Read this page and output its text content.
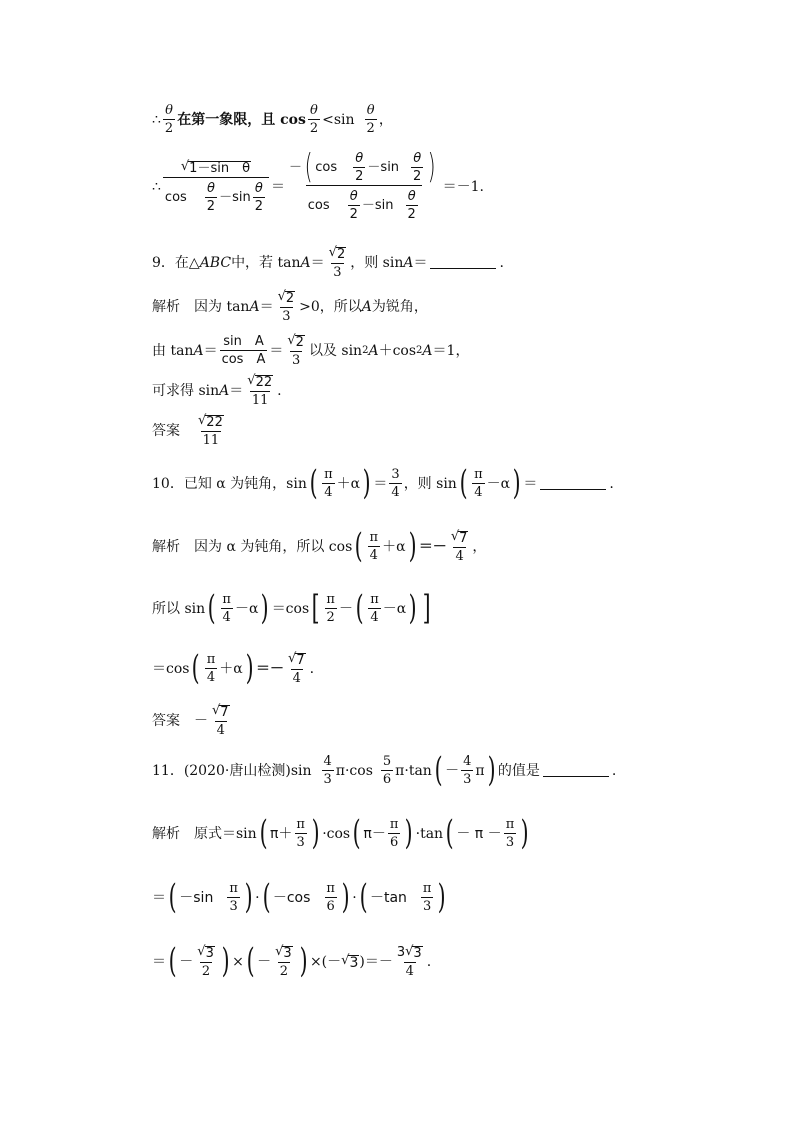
∴ $\frac{\theta}{2}$ 在第一象限，且 $\cos \frac{\theta}{2} <\sin \frac{\theta}{2}$ ，
∴ $\frac{\text{√ 1－sin　θ}}{\cos \frac{\theta}{2} -\sin \frac{\theta}{2}} = \frac{- ( \cos \frac{\theta}{2} -\sin \frac{\theta}{2} )}{\cos \frac{\theta}{2} -\sin \frac{\theta}{2}} =-1$.
9．在△ ABC 中，若 $\tan A = \frac{√ 2}{3}$ ，则 sin A ＝	.
解析　因为 $\tan A = \frac{√ 2}{3} >0$，所以 A 为锐角，
由 $\tan A = \frac{\text{sin　A}}{\text{cos　A}} = \frac{√ 2}{3}$ 以及 sin 2 A ＋cos 2 A ＝1，
可求得 $\sin A = \frac{√ 22}{11}$ .
答案 $\frac{√ 22}{11}$
10．已知 α 为钝角，sin ( $\frac{\pi}{4} +\alpha$ ) ＝ $\frac{3}{4}$ ，则 sin ( $\frac{\pi}{4} -\alpha$ ) ＝	.
解析　因为 α 为钝角，所以 cos ( $\frac{\pi}{4} +\alpha$ ) ＝－ $\frac{√ 7}{4}$ ，
所以 sin ( $\frac{\pi}{4} -\alpha$ ) ＝cos [ $\frac{\pi}{2}$ － ( $\frac{\pi}{4} -\alpha$ ) ]
＝cos ( $\frac{\pi}{4} +\alpha$ ) ＝－ $\frac{√ 7}{4}$ .
答案 － $\frac{√ 7}{4}$
11．(2020·唐山检测)$\sin \frac{4}{3}$ $\pi \cdot\cos \frac{5}{6}$ π ·tan ( － $\frac{4}{3}$ π ) 的值是	.
解析　原式＝sin ( $\pi + \frac{\pi}{3}$ ) ·cos ( $\pi - \frac{\pi}{6}$ ) ·tan ( － $\pi - \frac{\pi}{3}$ )
＝ ( $-\sin \frac{\pi}{3}$ ) · ( $-\cos \frac{\pi}{6}$ ) · ( $-\tan \frac{\pi}{3}$ )
＝ ( － $\frac{√ 3}{2}$ ) × ( － $\frac{√ 3}{2}$ ) ×(－ √ 3 )＝－ $\frac{3 √ 3}{4}$ .
